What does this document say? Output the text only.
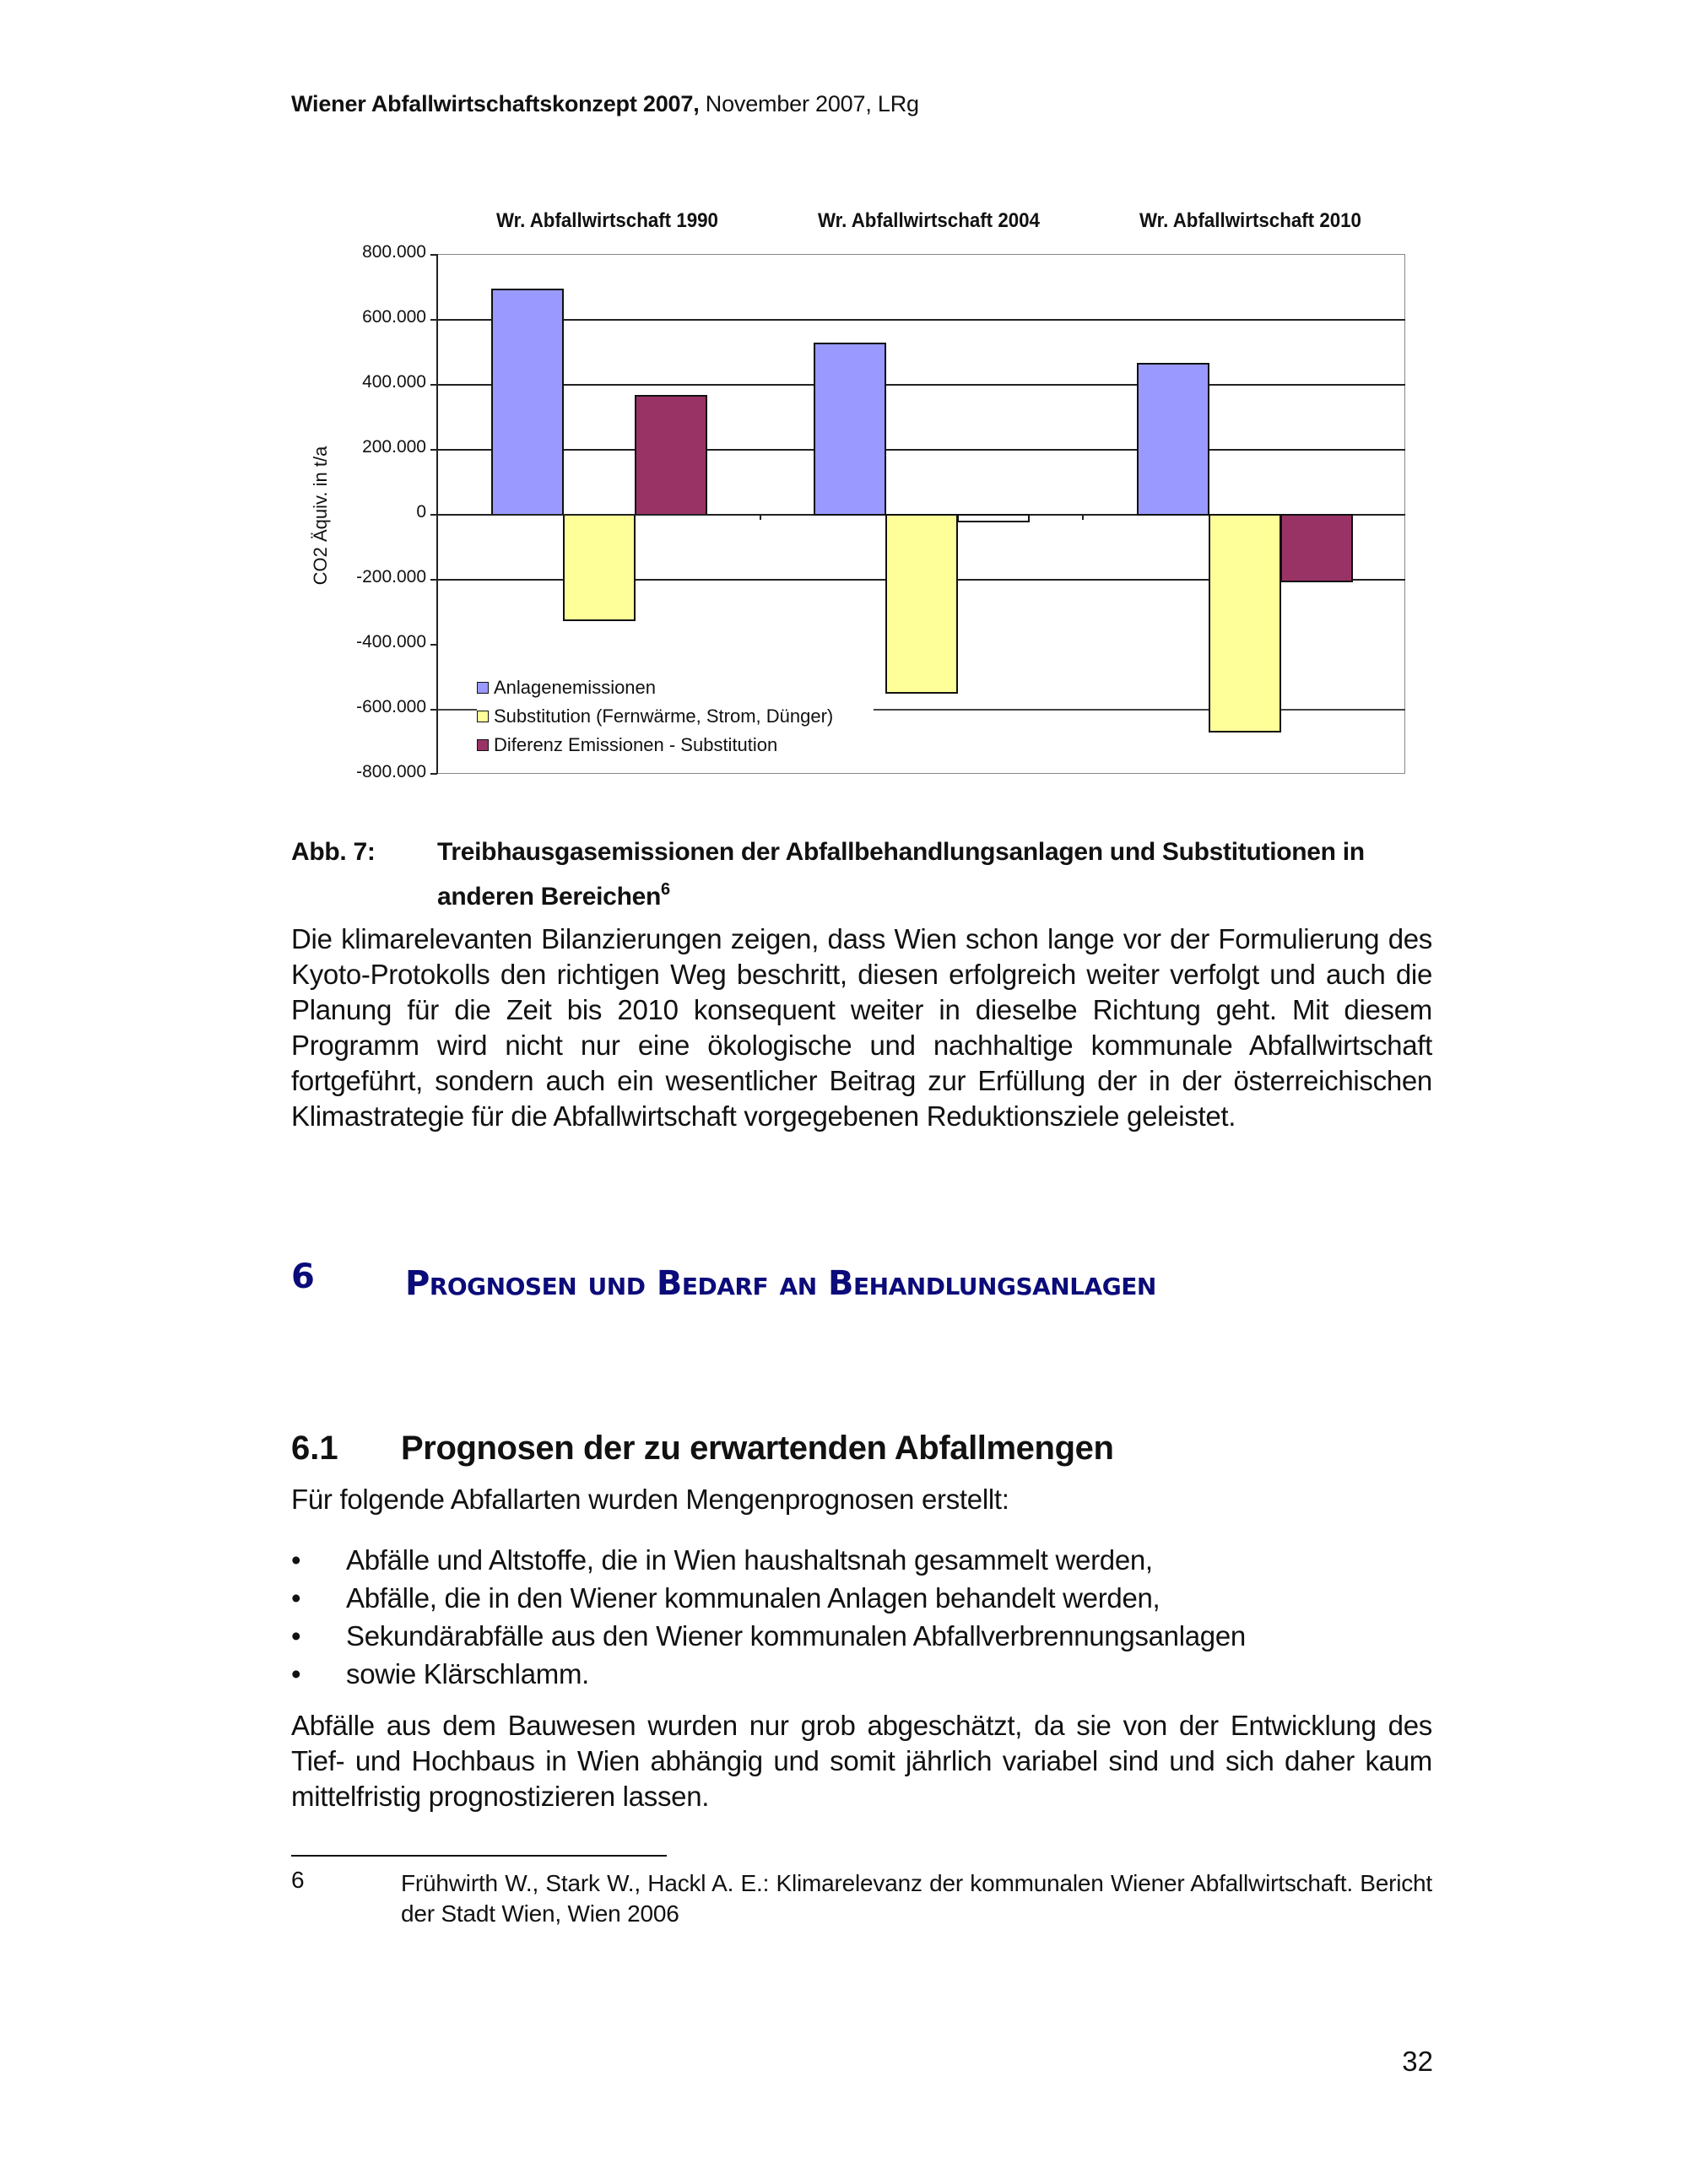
Wiener Abfallwirtschaftskonzept 2007, November 2007, LRg
Wr. Abfallwirtschaft 1990	Wr. Abfallwirtschaft 2004	Wr. Abfallwirtschaft 2010
CO2 Äquiv. in t/a
800.000
600.000
400.000
200.000
0
-200.000
-400.000
-600.000
-800.000
Anlagenemissionen
Substitution (Fernwärme, Strom, Dünger)
Diferenz Emissionen - Substitution
Abb. 7: Treibhausgasemissionen der Abfallbehandlungsanlagen und Substitutionen in anderen Bereichen$^6$
Die klimarelevanten Bilanzierungen zeigen, dass Wien schon lange vor der Formulierung des Kyoto-Protokolls den richtigen Weg beschritt, diesen erfolgreich weiter verfolgt und auch die Planung für die Zeit bis 2010 konsequent weiter in dieselbe Richtung geht. Mit diesem Programm wird nicht nur eine ökologische und nachhaltige kommunale Abfallwirtschaft fortgeführt, sondern auch ein wesentlicher Beitrag zur Erfüllung der in der österreichischen Klimastrategie für die Abfallwirtschaft vorgegebenen Reduktionsziele geleistet.
6	Prognosen und Bedarf an Behandlungsanlagen
6.1 Prognosen der zu erwartenden Abfallmengen
Für folgende Abfallarten wurden Mengenprognosen erstellt:
• Abfälle und Altstoffe, die in Wien haushaltsnah gesammelt werden,
• Abfälle, die in den Wiener kommunalen Anlagen behandelt werden,
• Sekundärabfälle aus den Wiener kommunalen Abfallverbrennungsanlagen
• sowie Klärschlamm.
Abfälle aus dem Bauwesen wurden nur grob abgeschätzt, da sie von der Entwicklung des Tief- und Hochbaus in Wien abhängig und somit jährlich variabel sind und sich daher kaum mittelfristig prognostizieren lassen.
6	Frühwirth W., Stark W., Hackl A. E.: Klimarelevanz der kommunalen Wiener Abfallwirtschaft. Bericht der Stadt Wien, Wien 2006
32
